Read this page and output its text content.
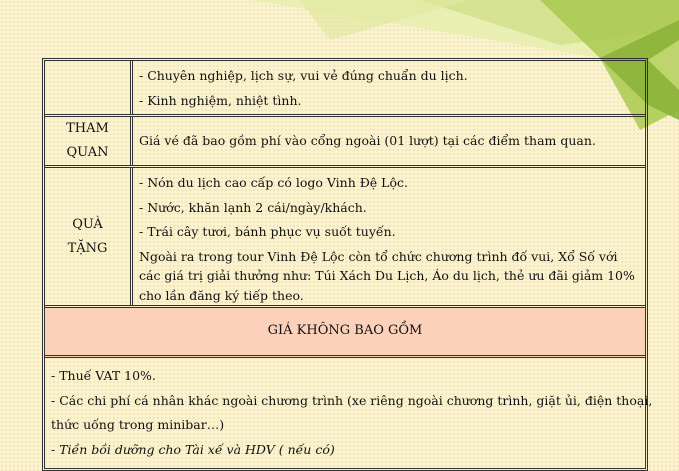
- Chuyên nghiệp, lịch sự, vui vẻ đúng chuẩn du lịch.
- Kinh nghiệm, nhiệt tình.
THAM
QUAN
Giá vé đã bao gồm phí vào cổng ngoài (01 lượt) tại các điểm tham quan.
QUÀ
TẶNG
- Nón du lịch cao cấp có logo Vinh Đệ Lộc.
- Nước, khăn lạnh 2 cái/ngày/khách.
- Trái cây tươi, bánh phục vụ suốt tuyến.
Ngoài ra trong tour Vinh Đệ Lộc còn tổ chức chương trình đố vui, Xổ Số với các giá trị giải thưởng như: Túi Xách Du Lịch, Áo du lịch, thẻ ưu đãi giảm 10% cho lần đăng ký tiếp theo.
GIÁ KHÔNG BAO GỒM
- Thuế VAT 10%.
- Các chi phí cá nhân khác ngoài chương trình (xe riêng ngoài chương trình, giặt ủi, điện thoại,
thức uống trong minibar…)
- Tiền bồi dưỡng cho Tài xế và HDV ( nếu có)
